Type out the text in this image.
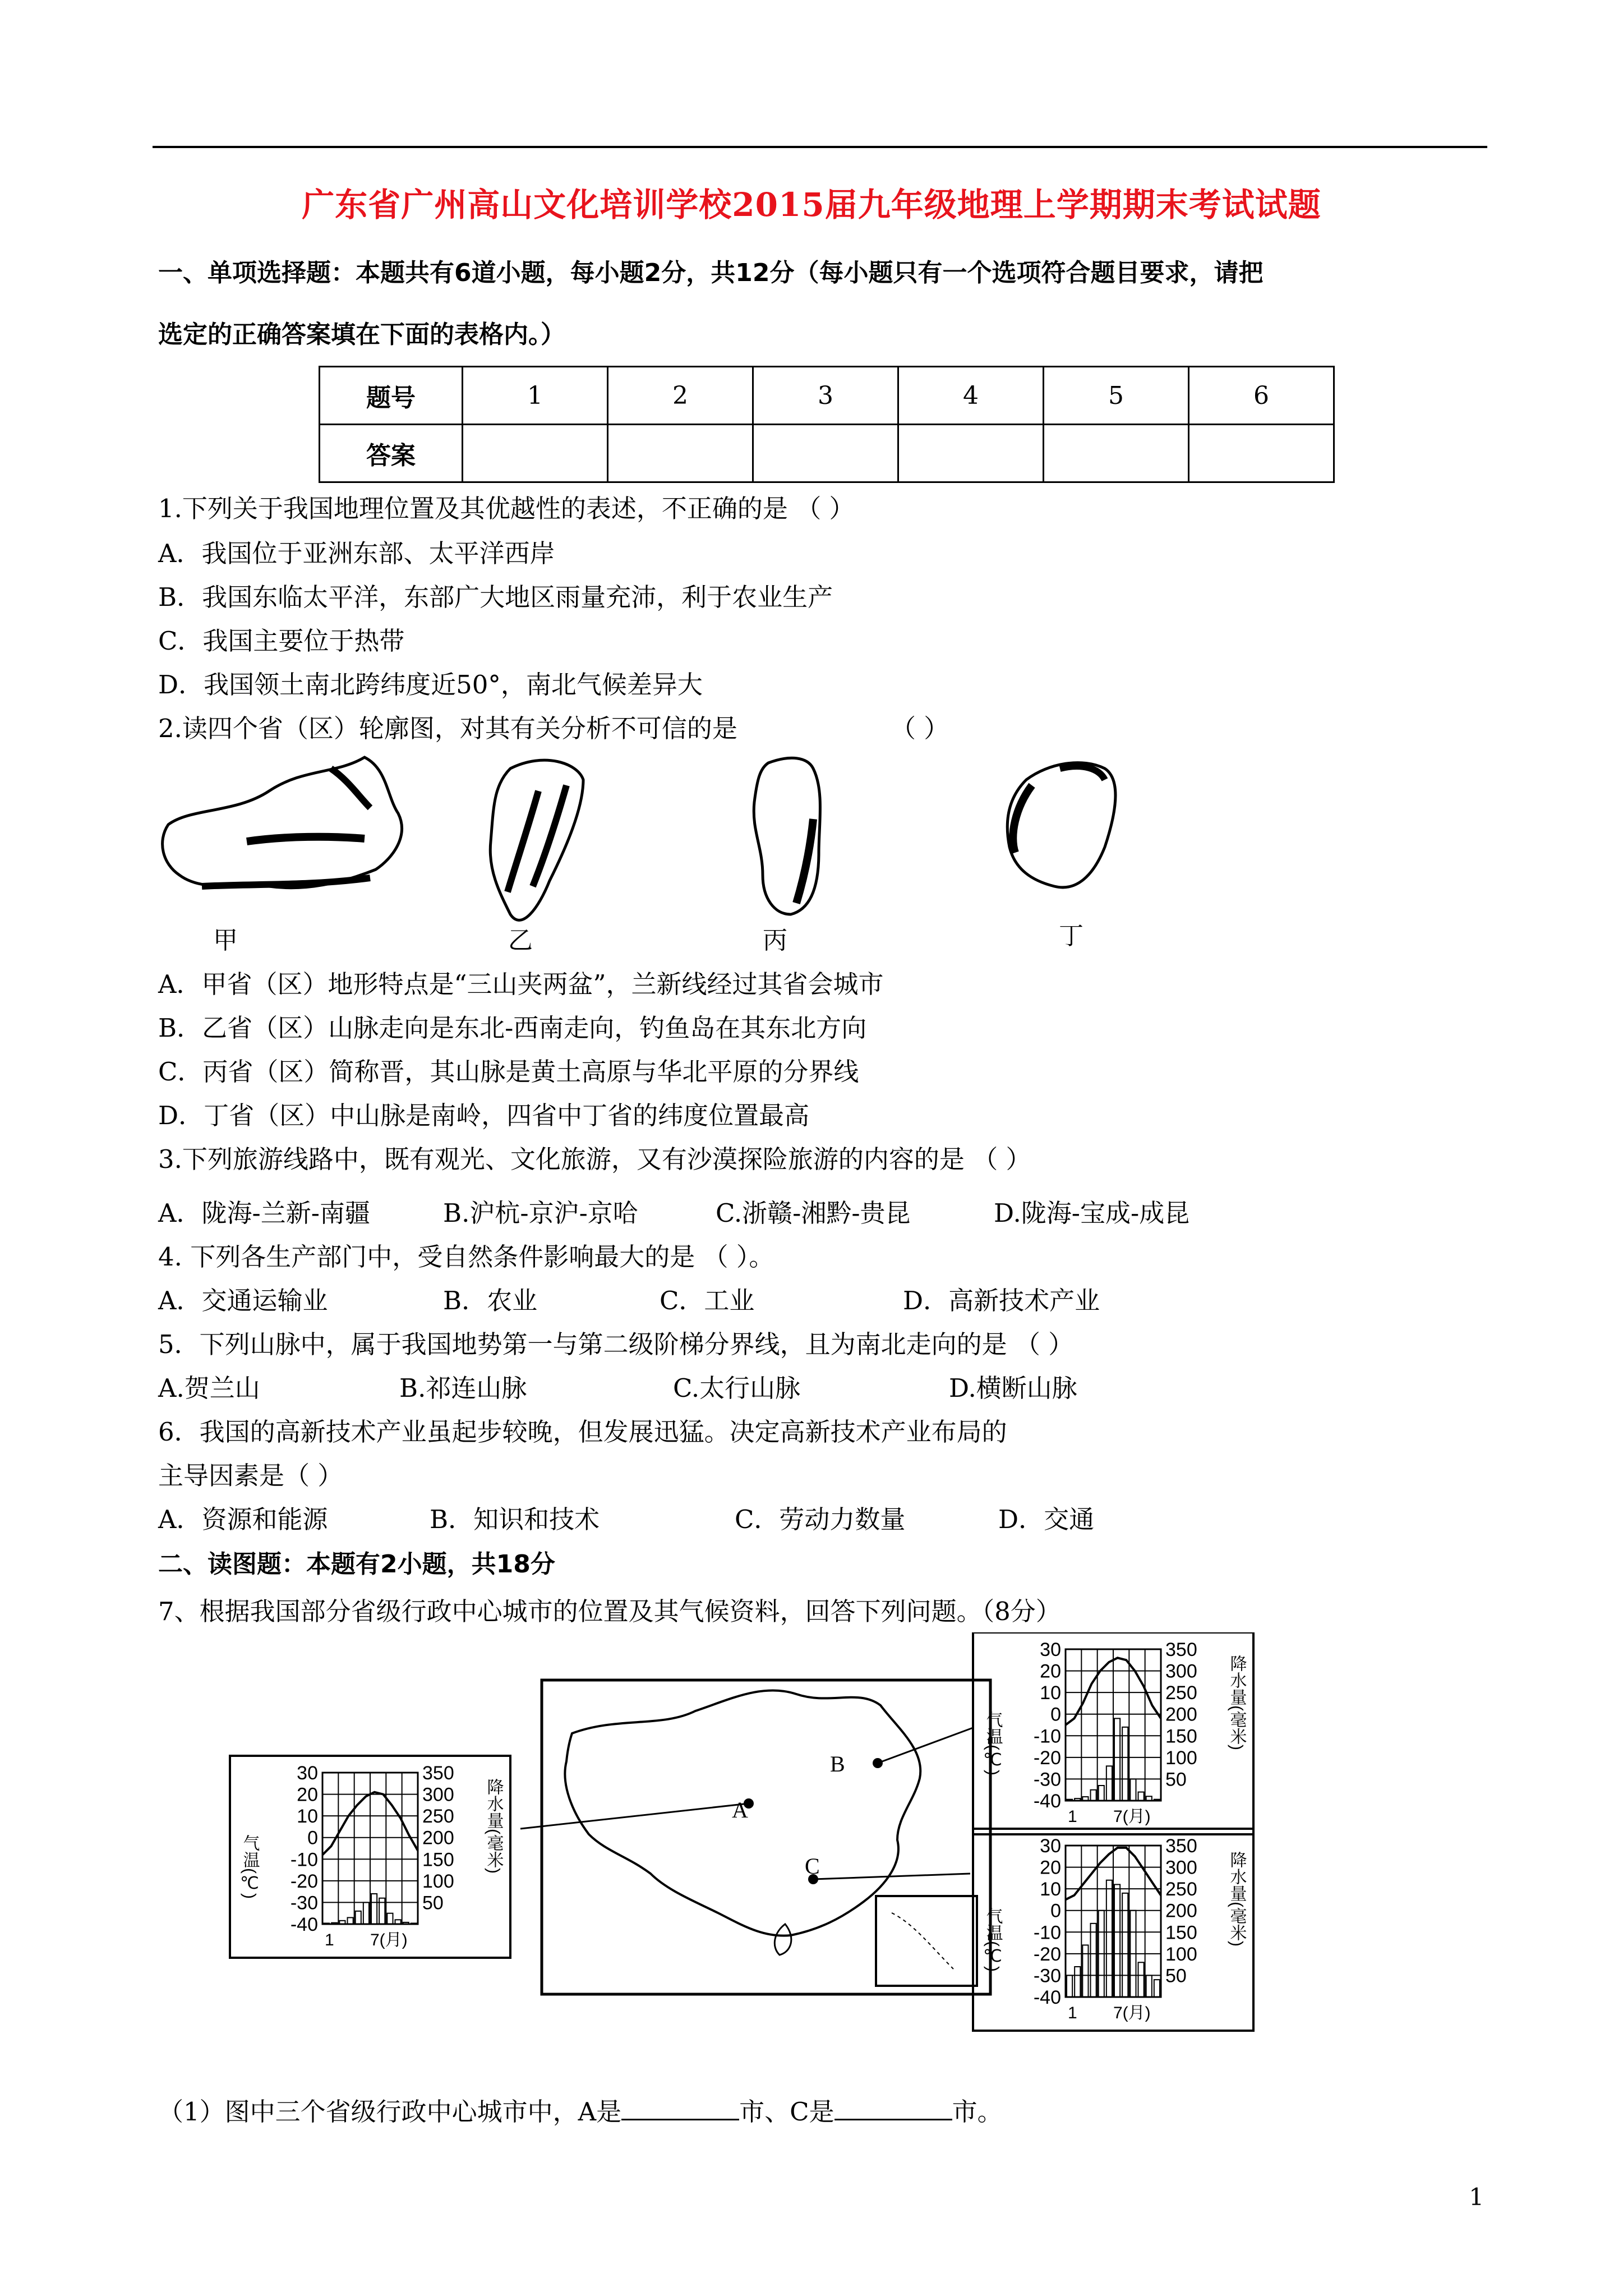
广东省广州高山文化培训学校2015届九年级地理上学期期末考试试题
一、单项选择题：本题共有6道小题，每小题2分，共12分（每小题只有一个选项符合题目要求，请把
选定的正确答案填在下面的表格内。）
题号	1	2	3	4	5	6
答案						
1.下列关于我国地理位置及其优越性的表述，不正确的是 （ ）
A．我国位于亚洲东部、太平洋西岸
B．我国东临太平洋，东部广大地区雨量充沛，利于农业生产
C．我国主要位于热带
D．我国领土南北跨纬度近50°，南北气候差异大
2.读四个省（区）轮廓图，对其有关分析不可信的是	（ ）
甲	乙	丙	丁
A．甲省（区）地形特点是“三山夹两盆”，兰新线经过其省会城市
B．乙省（区）山脉走向是东北-西南走向，钓鱼岛在其东北方向
C．丙省（区）简称晋，其山脉是黄土高原与华北平原的分界线
D．丁省（区）中山脉是南岭，四省中丁省的纬度位置最高
3.下列旅游线路中，既有观光、文化旅游，又有沙漠探险旅游的内容的是 （ ）
A．陇海-兰新-南疆	B.沪杭-京沪-京哈	C.浙赣-湘黔-贵昆	D.陇海-宝成-成昆
4. 下列各生产部门中，受自然条件影响最大的是 （ ）。
A．交通运输业	B．农业	C．工业	D．高新技术产业
5．下列山脉中，属于我国地势第一与第二级阶梯分界线，且为南北走向的是 （ ）
A.贺兰山	B.祁连山脉	C.太行山脉	D.横断山脉
6．我国的高新技术产业虽起步较晚，但发展迅猛。决定高新技术产业布局的
主导因素是（ ）
A．资源和能源	B．知识和技术	C．劳动力数量	D．交通
二、读图题：本题有2小题，共18分
7、根据我国部分省级行政中心城市的位置及其气候资料，回答下列问题。（8分）
A
B
C
30
20
10
0
-10
-20
-30
-40
350
300
250
200
150
100
50
气温(℃)	降水量(毫米)
1 7(月)
30
20
10
0
-10
-20
-30
-40
350
300
250
200
150
100
50
气温(℃)	降水量(毫米)
1 7(月)
30
20
10
0
-10
-20
-30
-40
350
300
250
200
150
100
50
气温(℃)	降水量(毫米)
1 7(月)
（1）图中三个省级行政中心城市中，A是	市、C是	市。
1
